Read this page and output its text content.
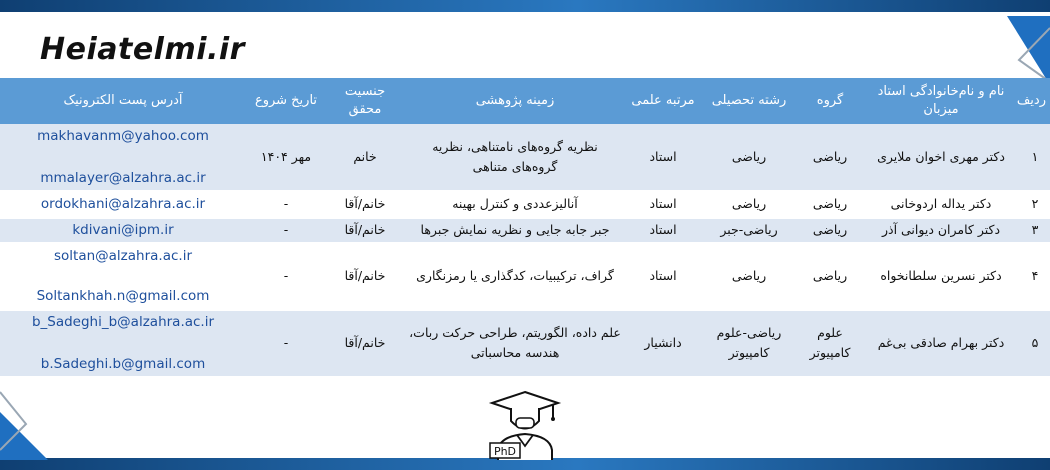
Heiatelmi.ir
ردیف	نام و نام‌خانوادگی استاد میزبان	گروه	رشته تحصیلی	مرتبه علمی	زمینه پژوهشی	جنسیت محقق	تاریخ شروع	آدرس پست الکترونیک
۱	دکتر مهری اخوان ملایری	ریاضی	ریاضی	استاد	نظریه گروه‌های نامتناهی، نظریه گروه‌های متناهی	خانم	مهر ۱۴۰۴	makhavanm@yahoo.com
mmalayer@alzahra.ac.ir

۲	دکتر یداله اردوخانی	ریاضی	ریاضی	استاد	آنالیزعددی و کنترل بهینه	خانم/آقا	-	ordokhani@alzahra.ac.ir

۳	دکتر کامران دیوانی آذر	ریاضی	ریاضی-جبر	استاد	جبر جابه جایی و نظریه نمایش جبرها	خانم/آقا	-	kdivani@ipm.ir

۴	دکتر نسرین سلطانخواه	ریاضی	ریاضی	استاد	گراف، ترکیبیات، کدگذاری یا رمزنگاری	خانم/آقا	-	soltan@alzahra.ac.ir
Soltankhah.n@gmail.com

۵	دکتر بهرام صادقی بی‌غم	علوم کامپیوتر	ریاضی-علوم کامپیوتر	دانشیار	علم داده، الگوریتم، طراحی حرکت ربات، هندسه محاسباتی	خانم/آقا	-	b_Sadeghi_b@alzahra.ac.ir
b.Sadeghi.b@gmail.com
PhD
